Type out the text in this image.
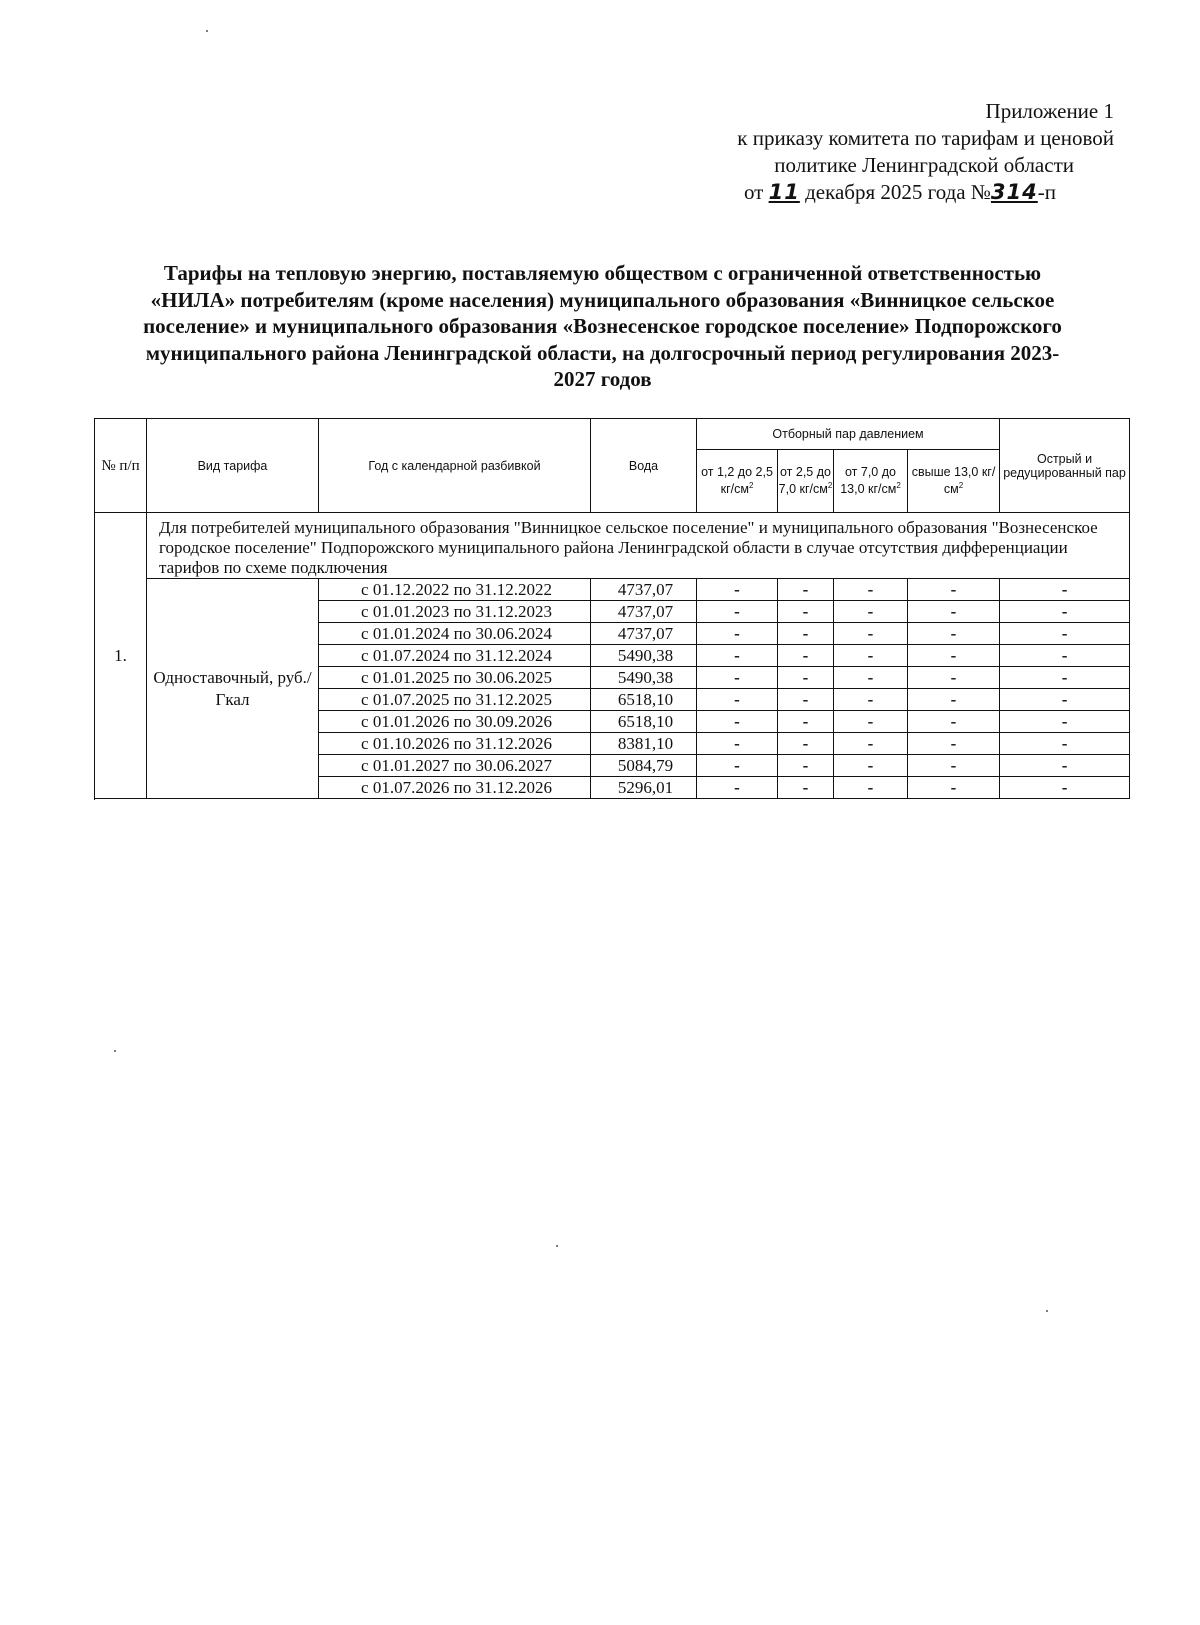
Приложение 1
к приказу комитета по тарифам и ценовой
политике Ленинградской области
от 11 декабря 2025 года №314-п
Тарифы на тепловую энергию, поставляемую обществом с ограниченной ответственностью «НИЛА» потребителям (кроме населения) муниципального образования «Винницкое сельское поселение» и муниципального образования «Вознесенское городское поселение» Подпорожского муниципального района Ленинградской области, на долгосрочный период регулирования 2023-2027 годов
№ п/п	Вид тарифа	Год с календарной разбивкой	Вода	Отборный пар давлением				Острый и редуцированный пар
				от 1,2 до 2,5 $кг/см^2$	от 2,5 до 7,0 $кг/см^2$	от 7,0 до 13,0 $кг/см^2$	свыше 13,0 $кг/см^2$
1.	Для потребителей муниципального образования "Винницкое сельское поселение" и муниципального образования "Вознесенское городское поселение" Подпорожского муниципального района Ленинградской области в случае отсутствия дифференциации тарифов по схеме подключения							
	Одноставочный, руб./Гкал	с 01.12.2022 по 31.12.2022	4737,07	-	-	-	-	-
		с 01.01.2023 по 31.12.2023	4737,07	-	-	-	-	-
		с 01.01.2024 по 30.06.2024	4737,07	-	-	-	-	-
		с 01.07.2024 по 31.12.2024	5490,38	-	-	-	-	-
		с 01.01.2025 по 30.06.2025	5490,38	-	-	-	-	-
		с 01.07.2025 по 31.12.2025	6518,10	-	-	-	-	-
		с 01.01.2026 по 30.09.2026	6518,10	-	-	-	-	-
		с 01.10.2026 по 31.12.2026	8381,10	-	-	-	-	-
		с 01.01.2027 по 30.06.2027	5084,79	-	-	-	-	-
		с 01.07.2026 по 31.12.2026	5296,01	-	-	-	-	-
